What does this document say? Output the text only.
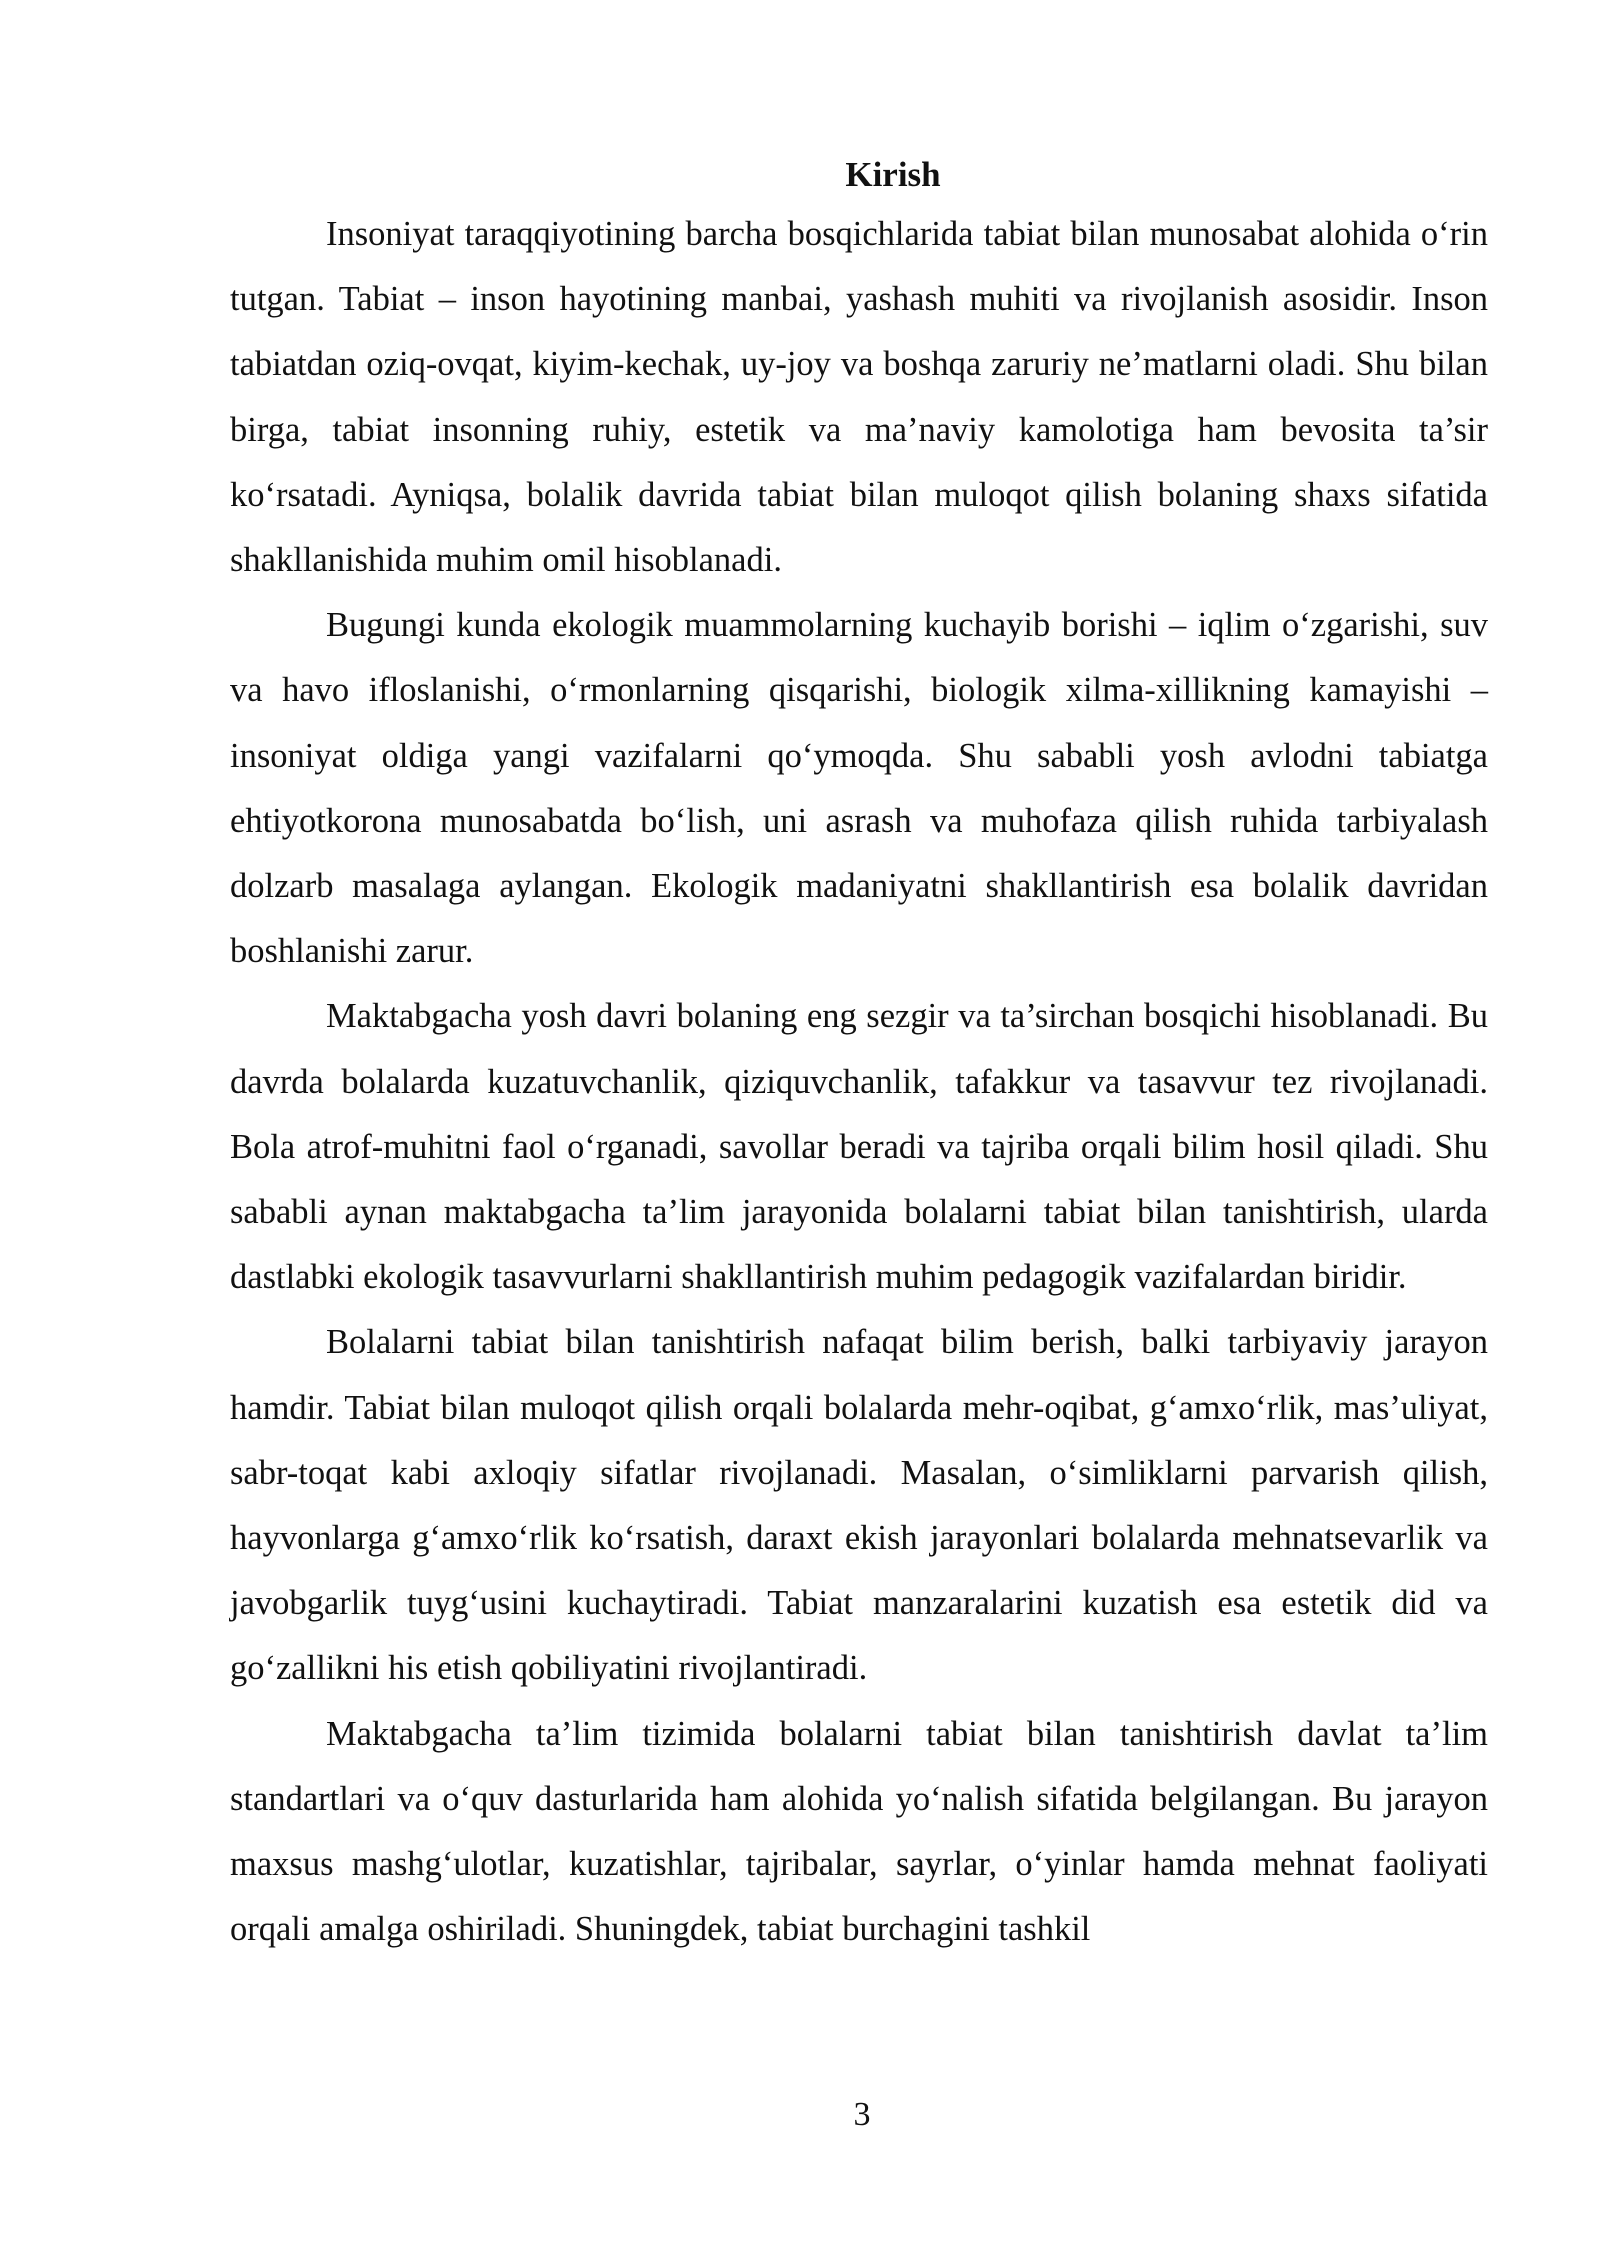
Kirish

Insoniyat taraqqiyotining barcha bosqichlarida tabiat bilan munosabat alohida o‘rin tutgan. Tabiat – inson hayotining manbai, yashash muhiti va rivojlanish asosidir. Inson tabiatdan oziq-ovqat, kiyim-kechak, uy-joy va boshqa zaruriy ne’matlarni oladi. Shu bilan birga, tabiat insonning ruhiy, estetik va ma’naviy kamolotiga ham bevosita ta’sir ko‘rsatadi. Ayniqsa, bolalik davrida tabiat bilan muloqot qilish bolaning shaxs sifatida shakllanishida muhim omil hisoblanadi.

Bugungi kunda ekologik muammolarning kuchayib borishi – iqlim o‘zgarishi, suv va havo ifloslanishi, o‘rmonlarning qisqarishi, biologik xilma-xillikning kamayishi – insoniyat oldiga yangi vazifalarni qo‘ymoqda. Shu sababli yosh avlodni tabiatga ehtiyotkorona munosabatda bo‘lish, uni asrash va muhofaza qilish ruhida tarbiyalash dolzarb masalaga aylangan. Ekologik madaniyatni shakllantirish esa bolalik davridan boshlanishi zarur.

Maktabgacha yosh davri bolaning eng sezgir va ta’sirchan bosqichi hisoblanadi. Bu davrda bolalarda kuzatuvchanlik, qiziquvchanlik, tafakkur va tasavvur tez rivojlanadi. Bola atrof-muhitni faol o‘rganadi, savollar beradi va tajriba orqali bilim hosil qiladi. Shu sababli aynan maktabgacha ta’lim jarayonida bolalarni tabiat bilan tanishtirish, ularda dastlabki ekologik tasavvurlarni shakllantirish muhim pedagogik vazifalardan biridir.

Bolalarni tabiat bilan tanishtirish nafaqat bilim berish, balki tarbiyaviy jarayon hamdir. Tabiat bilan muloqot qilish orqali bolalarda mehr-oqibat, g‘amxo‘rlik, mas’uliyat, sabr-toqat kabi axloqiy sifatlar rivojlanadi. Masalan, o‘simliklarni parvarish qilish, hayvonlarga g‘amxo‘rlik ko‘rsatish, daraxt ekish jarayonlari bolalarda mehnatsevarlik va javobgarlik tuyg‘usini kuchaytiradi. Tabiat manzaralarini kuzatish esa estetik did va go‘zallikni his etish qobiliyatini rivojlantiradi.

Maktabgacha ta’lim tizimida bolalarni tabiat bilan tanishtirish davlat ta’lim standartlari va o‘quv dasturlarida ham alohida yo‘nalish sifatida belgilangan. Bu jarayon maxsus mashg‘ulotlar, kuzatishlar, tajribalar, sayrlar, o‘yinlar hamda mehnat faoliyati orqali amalga oshiriladi. Shuningdek, tabiat burchagini tashkil

3
